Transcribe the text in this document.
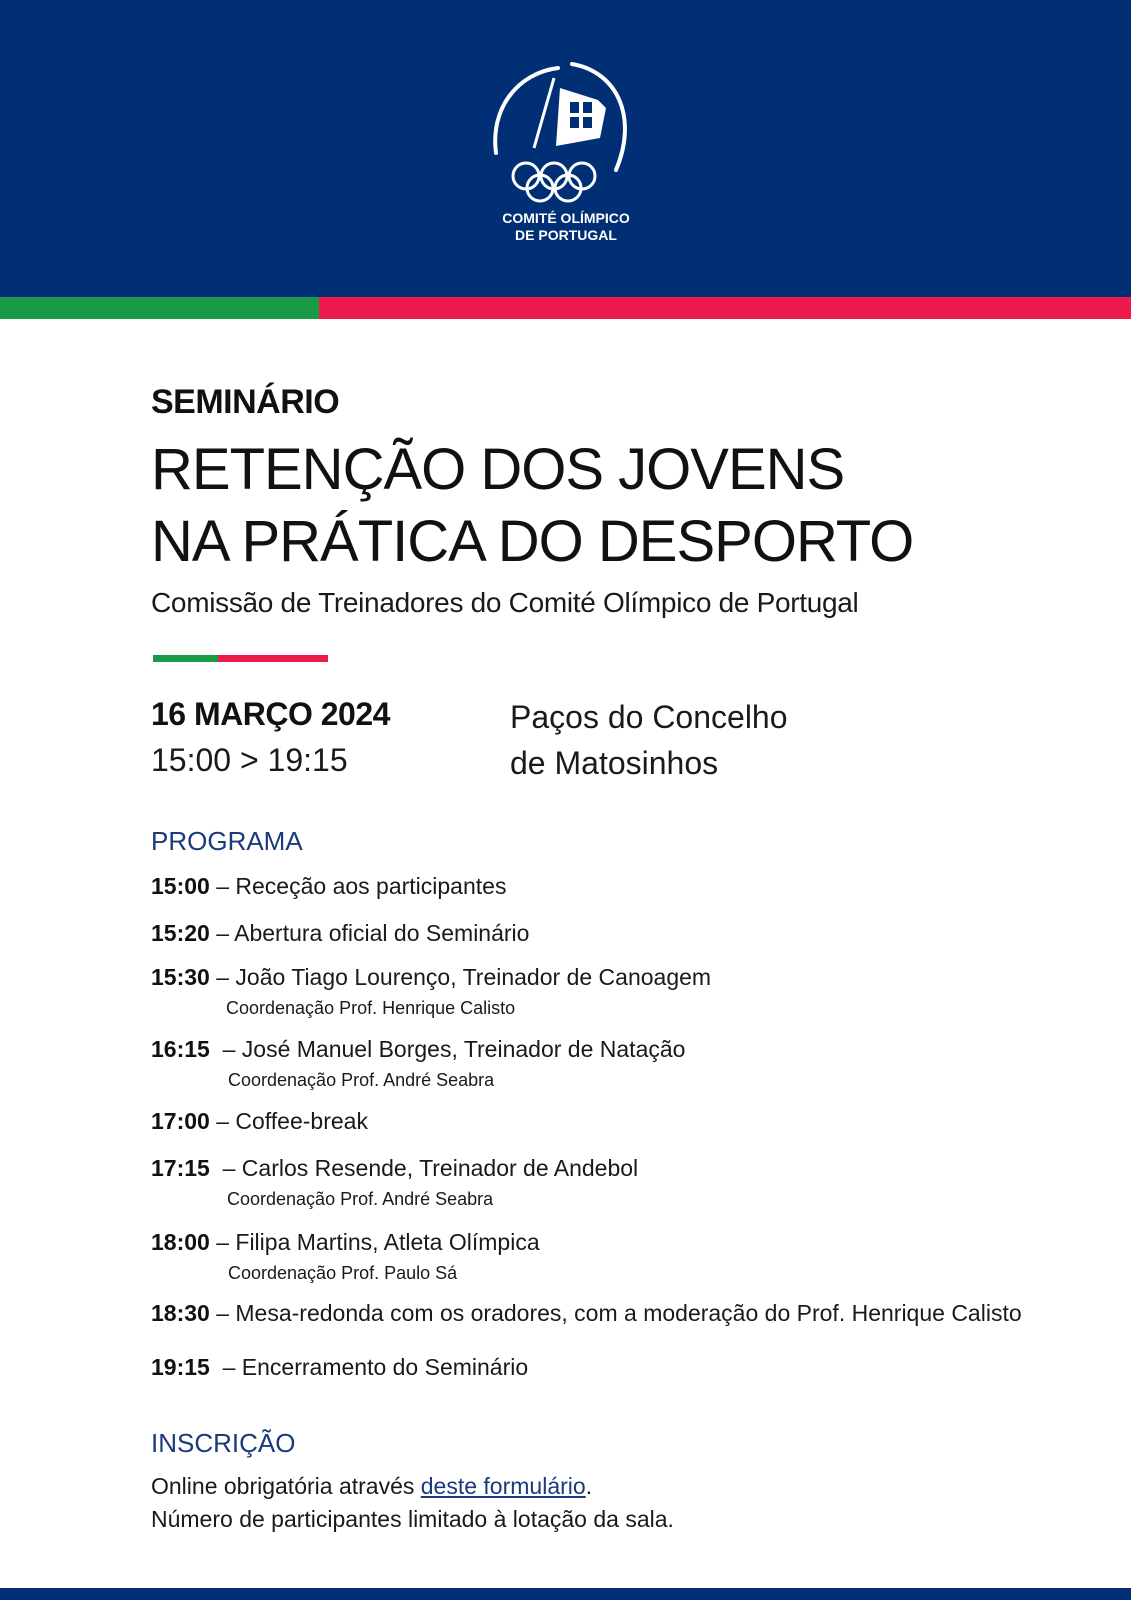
COMITÉ OLÍMPICO
DE PORTUGAL
SEMINÁRIO
RETENÇÃO DOS JOVENS
NA PRÁTICA DO DESPORTO
Comissão de Treinadores do Comité Olímpico de Portugal
16 MARÇO 2024
15:00 > 19:15
Paços do Concelho
de Matosinhos
PROGRAMA
15:00 – Receção aos participantes
15:20 – Abertura oficial do Seminário
15:30 – João Tiago Lourenço, Treinador de Canoagem
Coordenação Prof. Henrique Calisto
16:15  – José Manuel Borges, Treinador de Natação
Coordenação Prof. André Seabra
17:00 – Coffee-break
17:15  – Carlos Resende, Treinador de Andebol
Coordenação Prof. André Seabra
18:00 – Filipa Martins, Atleta Olímpica
Coordenação Prof. Paulo Sá
18:30 – Mesa-redonda com os oradores, com a moderação do Prof. Henrique Calisto
19:15  – Encerramento do Seminário
INSCRIÇÃO
Online obrigatória através deste formulário.
Número de participantes limitado à lotação da sala.
